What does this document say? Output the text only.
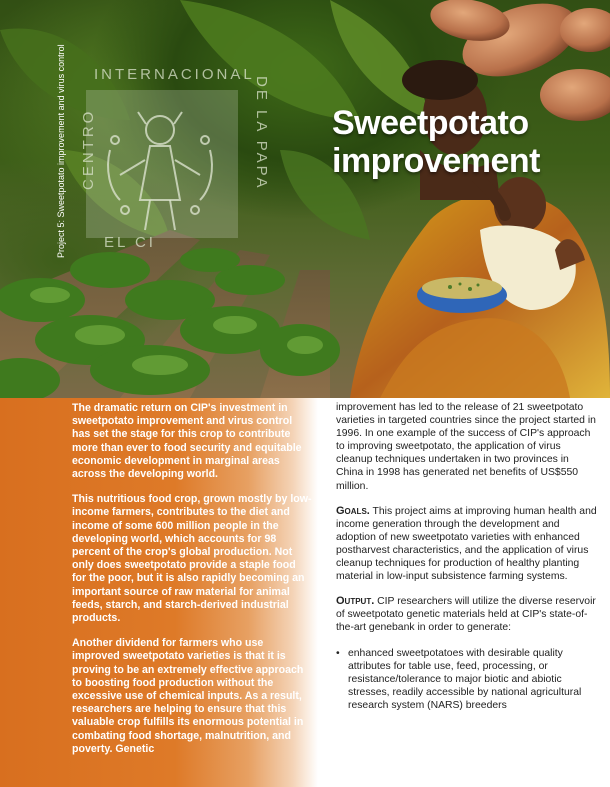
INTERNACIONAL
CENTRO	DE LA PAPA
EL CI
Project 5: Sweetpotato improvement and virus control	Sweetpotato
improvement

The dramatic return on CIP's investment in sweetpotato improvement and virus control has set the stage for this crop to contribute more than ever to food security and equitable economic development in marginal areas across the developing world.

This nutritious food crop, grown mostly by low-income farmers, contributes to the diet and income of some 600 million people in the developing world, which accounts for 98 percent of the crop's global production. Not only does sweetpotato provide a staple food for the poor, but it is also rapidly becoming an important source of raw material for animal feeds, starch, and starch-derived industrial products.

Another dividend for farmers who use improved sweetpotato varieties is that it is proving to be an extremely effective approach to boosting food production without the excessive use of chemical inputs. As a result, researchers are helping to ensure that this valuable crop fulfills its enormous potential in combating food shortage, malnutrition, and poverty. Genetic

improvement has led to the release of 21 sweetpotato varieties in targeted countries since the project started in 1996. In one example of the success of CIP's approach to improving sweetpotato, the application of virus cleanup techniques undertaken in two provinces in China in 1998 has generated net benefits of US$550 million.

Goals. This project aims at improving human health and income generation through the development and adoption of new sweetpotato varieties with enhanced postharvest characteristics, and the application of virus cleanup techniques for production of healthy planting material in low-input subsistence farming systems.

Output. CIP researchers will utilize the diverse reservoir of sweetpotato genetic materials held at CIP's state-of-the-art genebank in order to generate:

• enhanced sweetpotatoes with desirable quality attributes for table use, feed, processing, or resistance/tolerance to major biotic and abiotic stresses, readily accessible by national agricultural research system (NARS) breeders
